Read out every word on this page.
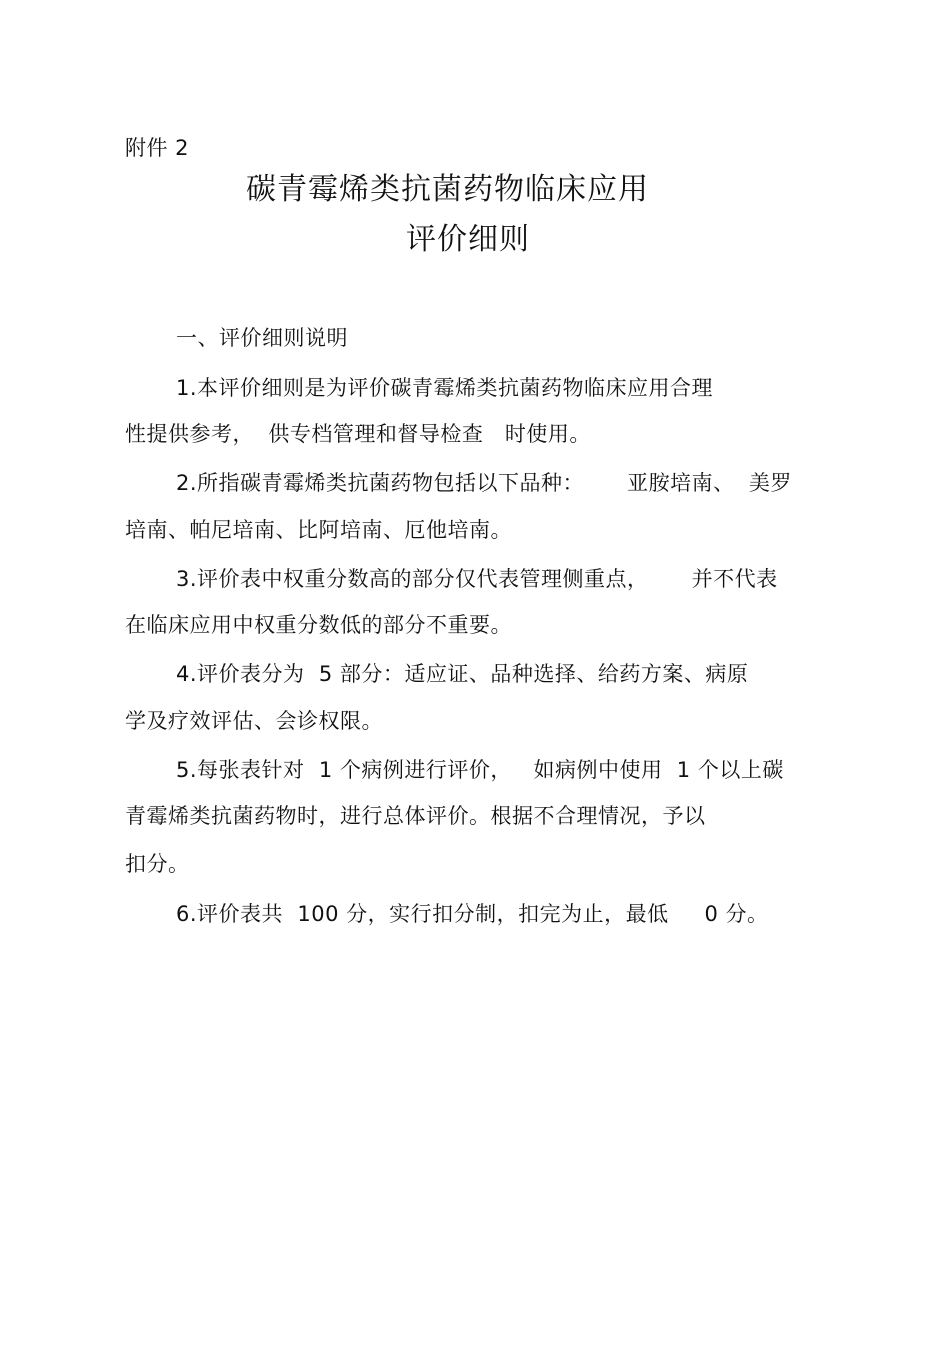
附件 2
碳青霉烯类抗菌药物临床应用
评价细则
一、评价细则说明
1.本评价细则是为评价碳青霉烯类抗菌药物临床应用合理
性提供参考，  供专档管理和督导检查   时使用。
2.所指碳青霉烯类抗菌药物包括以下品种：      亚胺培南、  美罗
培南、帕尼培南、比阿培南、厄他培南。
3.评价表中权重分数高的部分仅代表管理侧重点，      并不代表
在临床应用中权重分数低的部分不重要。
4.评价表分为  5 部分：适应证、品种选择、给药方案、病原
学及疗效评估、会诊权限。
5.每张表针对  1 个病例进行评价，   如病例中使用  1 个以上碳
青霉烯类抗菌药物时，进行总体评价。根据不合理情况，予以
扣分。
6.评价表共  100 分，实行扣分制，扣完为止，最低     0 分。
